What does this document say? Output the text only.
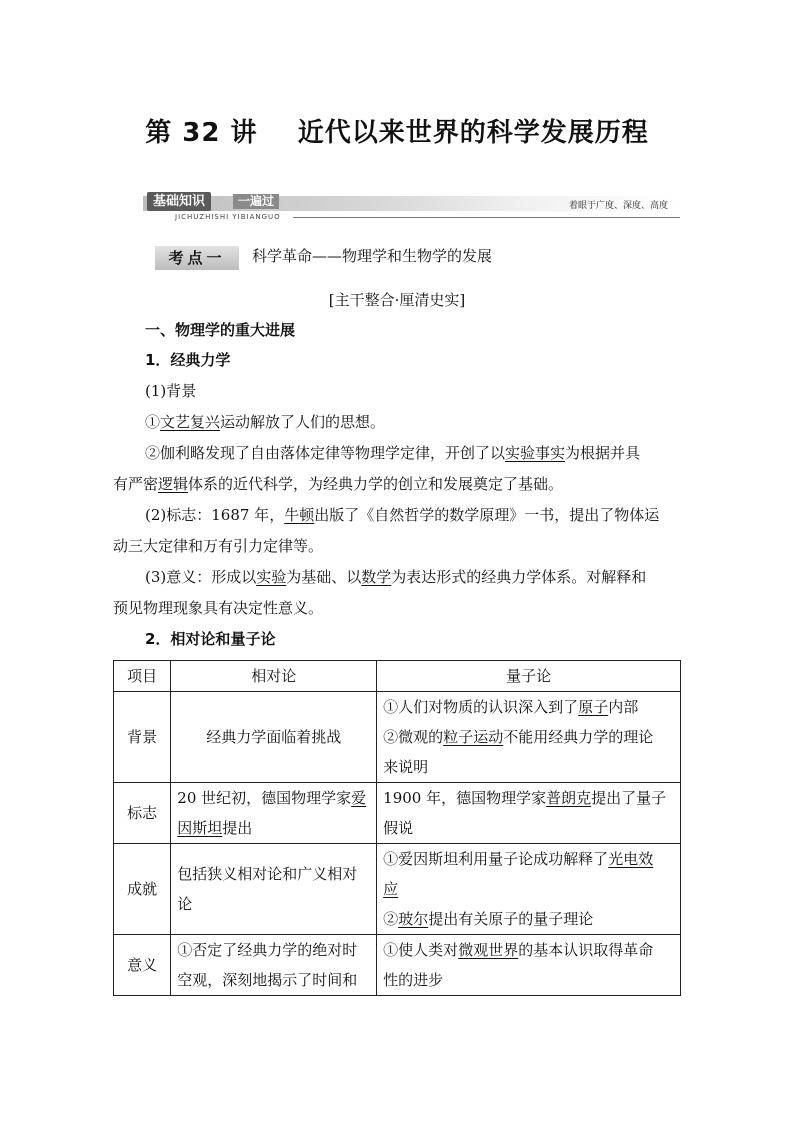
第 32 讲    近代以来世界的科学发展历程
基础知识	一遍过
JICHUZHISHI YIBIANGUO
着眼于广度、深度、高度
考点一	科学革命——物理学和生物学的发展
[主干整合·厘清史实]
一、物理学的重大进展
1．经典力学
(1)背景
①文艺复兴运动解放了人们的思想。
②伽利略发现了自由落体定律等物理学定律，开创了以实验事实为根据并具
有严密逻辑体系的近代科学，为经典力学的创立和发展奠定了基础。
(2)标志：1687 年，牛顿出版了《自然哲学的数学原理》一书，提出了物体运
动三大定律和万有引力定律等。
(3)意义：形成以实验为基础、以数学为表达形式的经典力学体系。对解释和
预见物理现象具有决定性意义。
2．相对论和量子论
项目	相对论	量子论
背景	经典力学面临着挑战	①人们对物质的认识深入到了原子内部
②微观的粒子运动不能用经典力学的理论
来说明

标志	20 世纪初，德国物理学家爱
因斯坦提出	1900 年，德国物理学家普朗克提出了量子
假说

成就	包括狭义相对论和广义相对
论	①爱因斯坦利用量子论成功解释了光电效
应
②玻尔提出有关原子的量子理论

意义	①否定了经典力学的绝对时
空观，深刻地揭示了时间和	①使人类对微观世界的基本认识取得革命
性的进步
